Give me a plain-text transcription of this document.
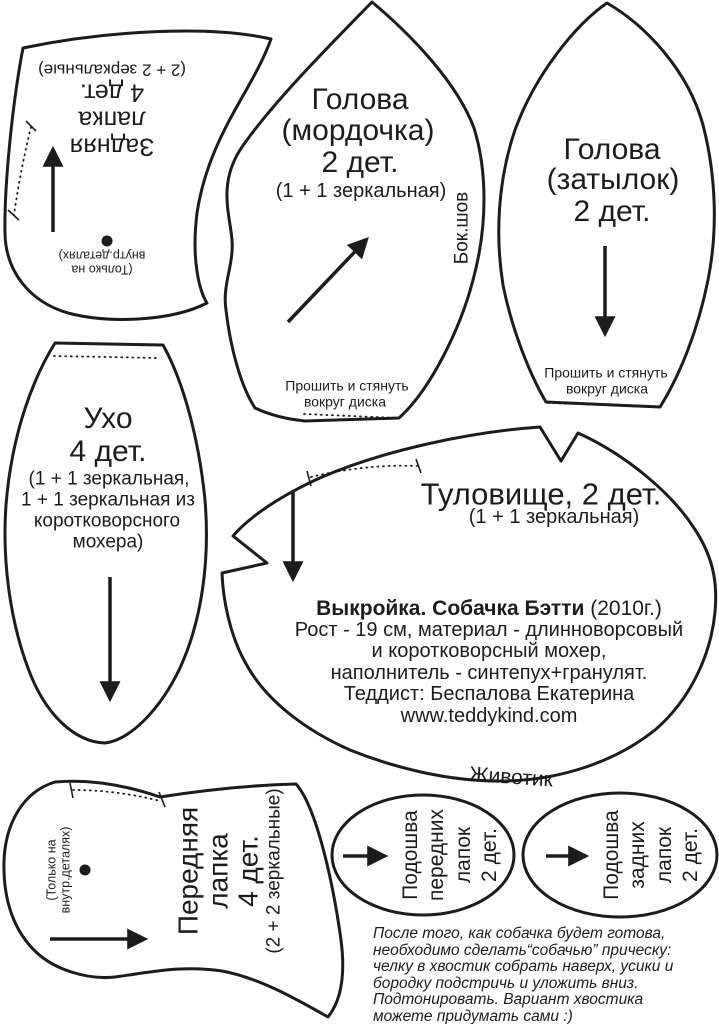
Задняя
лапка
4 дет.
(2 + 2 зеркальные)
(Только на
внутр.деталях)
Голова
(мордочка)
2 дет.
(1 + 1 зеркальная)
Бок.шов
Прошить и стянуть
вокруг диска
Голова
(затылок)
2 дет.
Прошить и стянуть
вокруг диска
Ухо
4 дет.
(1 + 1 зеркальная,
1 + 1 зеркальная из
коротковорсного
мохера)
Туловище, 2 дет.
(1 + 1 зеркальная)
Животик
Выкройка. Собачка Бэтти (2010г.)
Рост - 19 см, материал - длинноворсовый
и коротковорсный мохер,
наполнитель - синтепух+гранулят.
Теддист: Беспалова Екатерина
www.teddykind.com
Передняя лапка 4 дет. (2 + 2 зеркальные)
(Только на внутр.деталях)	Подошва передних лапок 2 дет.	Подошва задних лапок 2 дет.
После того, как собачка будет готова,
необходимо сделать“собачью” прическу:
челку в хвостик собрать наверх, усики и
бородку подстричь и уложить вниз.
Подтонировать. Вариант хвостика
можете придумать сами :)
